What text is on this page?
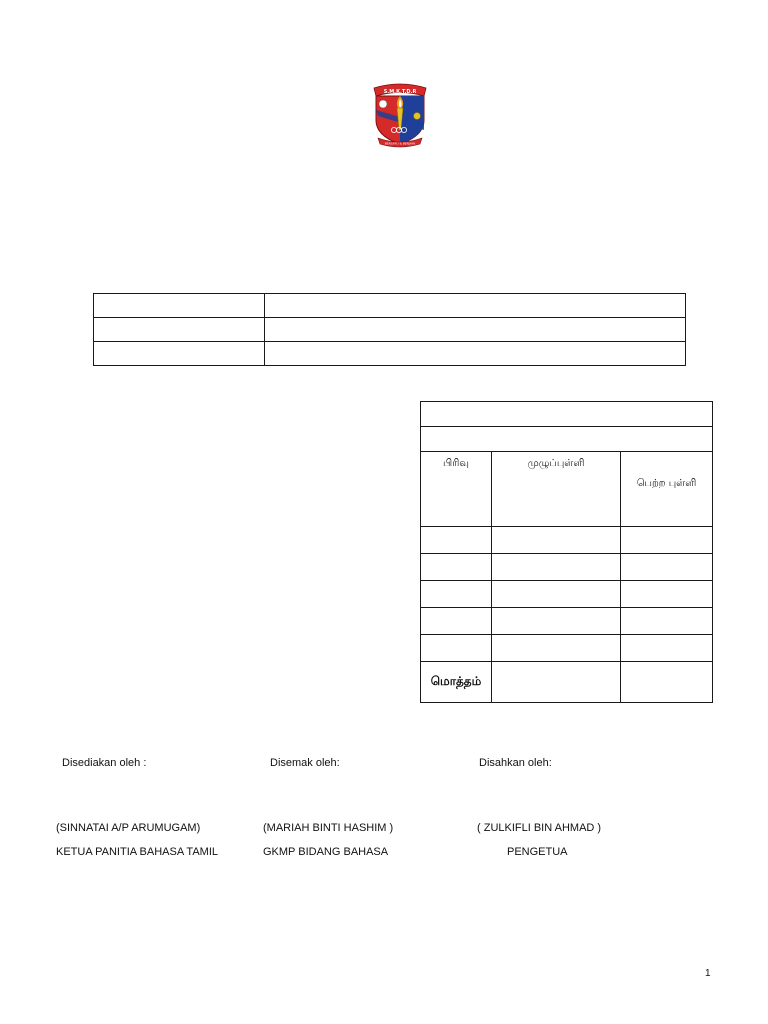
S.M.K.T.D.R
BERSATU & BERJAYA

பிரிவு	முழுப்புள்ளி	பெற்ற புள்ளி

மொத்தம்		
Disediakan oleh :	Disemak oleh:	Disahkan oleh:
(SINNATAI A/P ARUMUGAM)	(MARIAH BINTI HASHIM )	( ZULKIFLI BIN AHMAD )
KETUA PANITIA BAHASA TAMIL	GKMP BIDANG BAHASA	PENGETUA
1
